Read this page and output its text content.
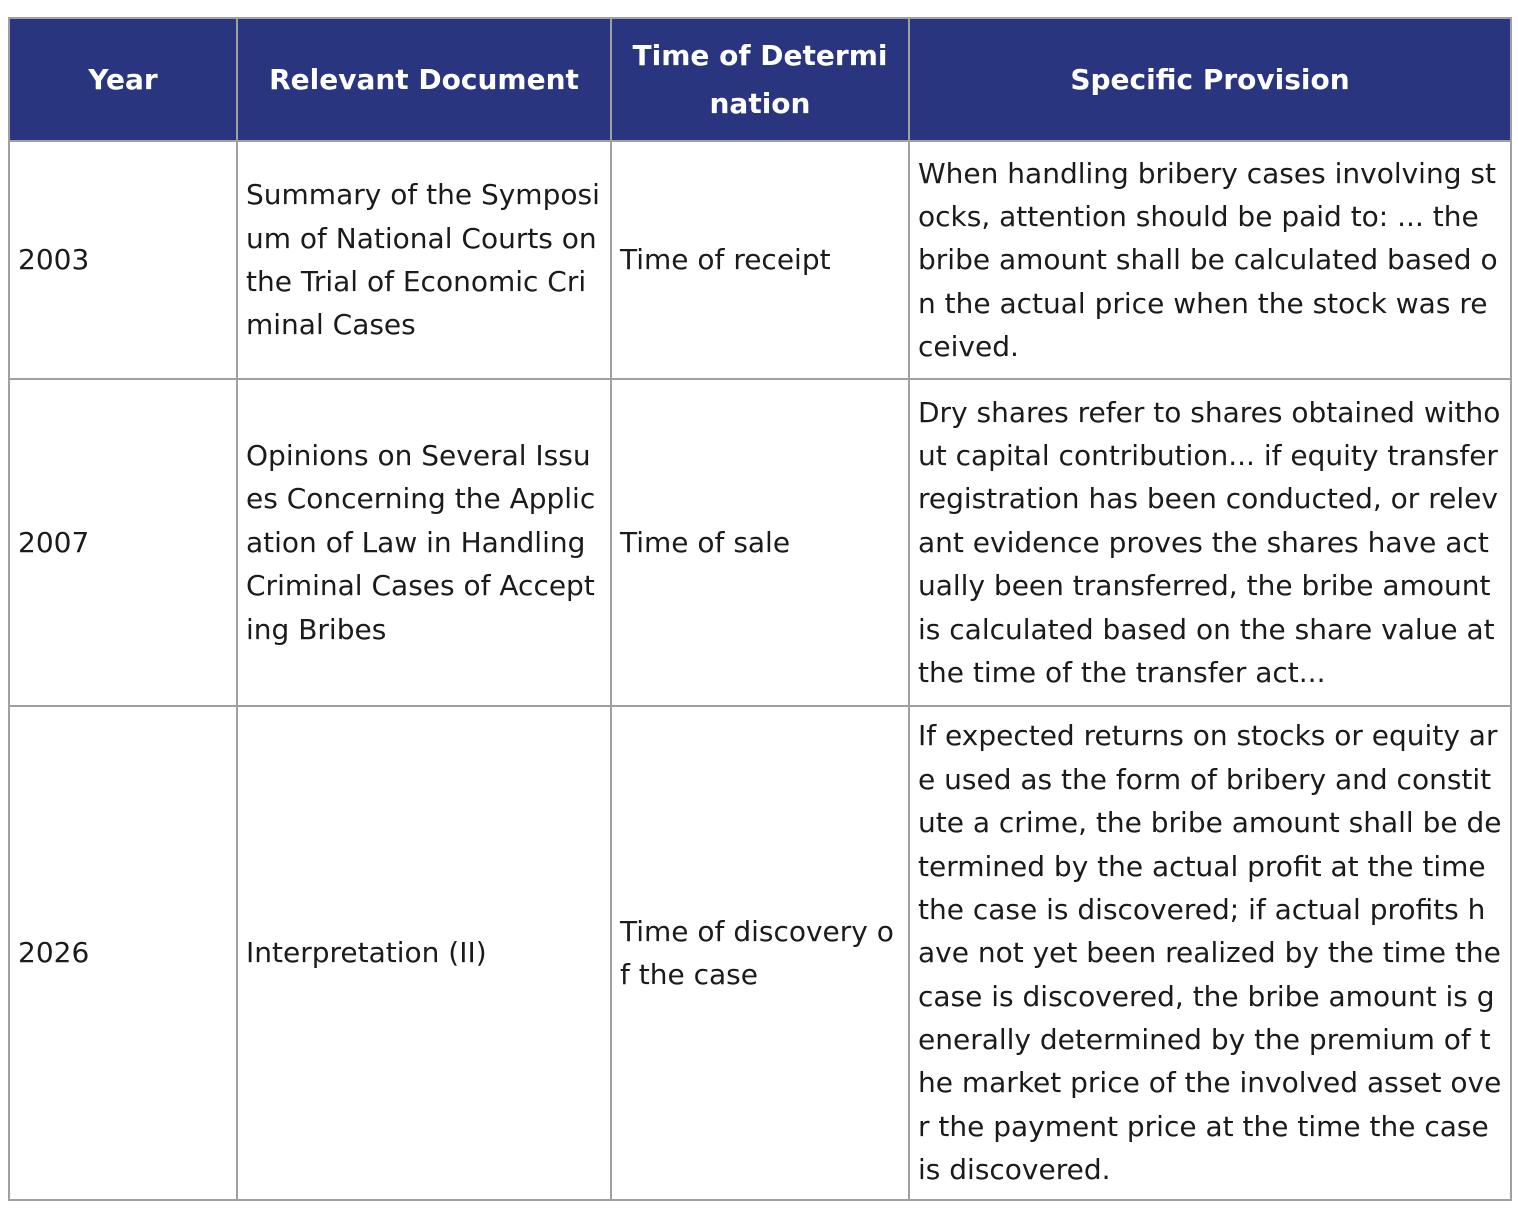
Year	Relevant Document	Time of Determination	Specific Provision
2003	Summary of the Symposium of National Courts on the Trial of Economic Criminal Cases	Time of receipt	When handling bribery cases involving stocks, attention should be paid to: ... the bribe amount shall be calculated based on the actual price when the stock was received.
2007	Opinions on Several Issues Concerning the Application of Law in Handling Criminal Cases of Accepting Bribes	Time of sale	Dry shares refer to shares obtained without capital contribution... if equity transfer registration has been conducted, or relevant evidence proves the shares have actually been transferred, the bribe amount is calculated based on the share value at the time of the transfer act...
2026	Interpretation (II)	Time of discovery of the case	If expected returns on stocks or equity are used as the form of bribery and constitute a crime, the bribe amount shall be determined by the actual profit at the time the case is discovered; if actual profits have not yet been realized by the time the case is discovered, the bribe amount is generally determined by the premium of the market price of the involved asset over the payment price at the time the case is discovered.
